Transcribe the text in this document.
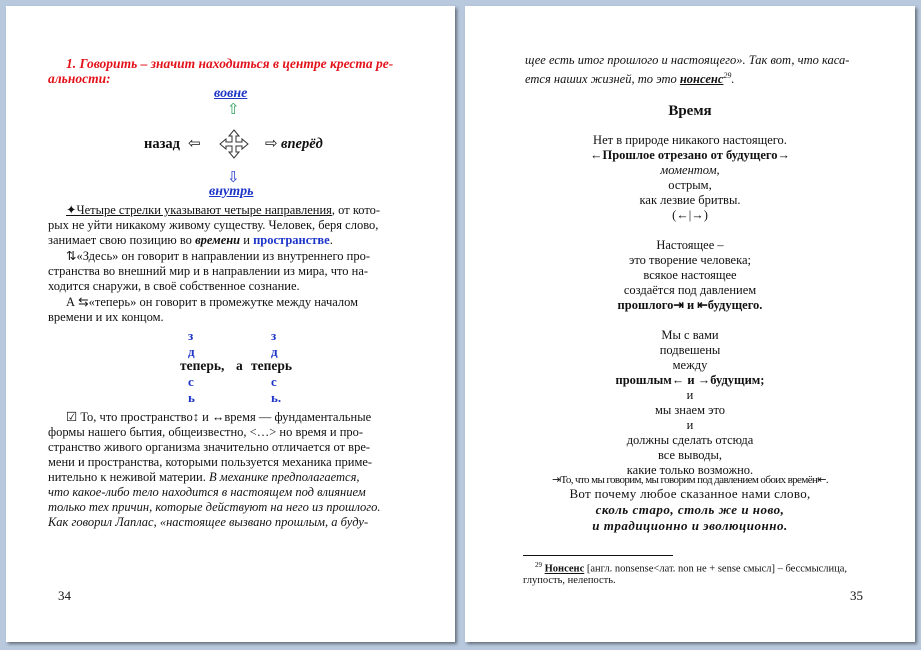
1. Говорить – значит находиться в центре креста ре-
альности:
вовне
⇧
назад ⇦	⇨ вперёд
⇩
внутрь
✦Четыре стрелки указывают четыре направления, от кото-
рых не уйти никакому живому существу. Человек, беря слово,
занимает свою позицию во времени и пространстве.
⇅«Здесь» он говорит в направлении из внутреннего про-
странства во внешний мир и в направлении из мира, что на-
ходится снаружи, в своё собственное сознание.
А ⇆«теперь» он говорит в промежутке между началом
времени и их концом.
з
д
теперь, а теперь
с
ь
з
д
с
ь.
☑ То, что пространство↕ и ↔время — фундаментальные
формы нашего бытия, общеизвестно, <…> но время и про-
странство живого организма значительно отличается от вре-
мени и пространства, которыми пользуется механика приме-
нительно к неживой материи. В механике предполагается,
что какое-либо тело находится в настоящем под влиянием
только тех причин, которые действуют на него из прошлого.
Как говорил Лаплас, «настоящее вызвано прошлым, а буду-
34
щее есть итог прошлого и настоящего». Так вот, что каса-
ется наших жизней, то это нонсенс$^{29}$.
Время
Нет в природе никакого настоящего.
←Прошлое отрезано от будущего→
моментом,
острым,
как лезвие бритвы.
(←|→)
Настоящее –
это творение человека;
всякое настоящее
создаётся под давлением
прошлого⇥ и ⇤будущего.
Мы с вами
подвешены
между
прошлым← и →будущим;
и
мы знаем это
и
должны сделать отсюда
все выводы,
какие только возможно.
⇥То, что мы говорим, мы говорим под давлением обоих времён⇤.
Вот почему любое сказанное нами слово,
сколь старо, столь же и ново,
и традиционно и эволюционно.
$^{29}$ Нонсенс [англ. nonsense<лат. non не + sense смысл] – бессмыслица,
глупость, нелепость.
35
